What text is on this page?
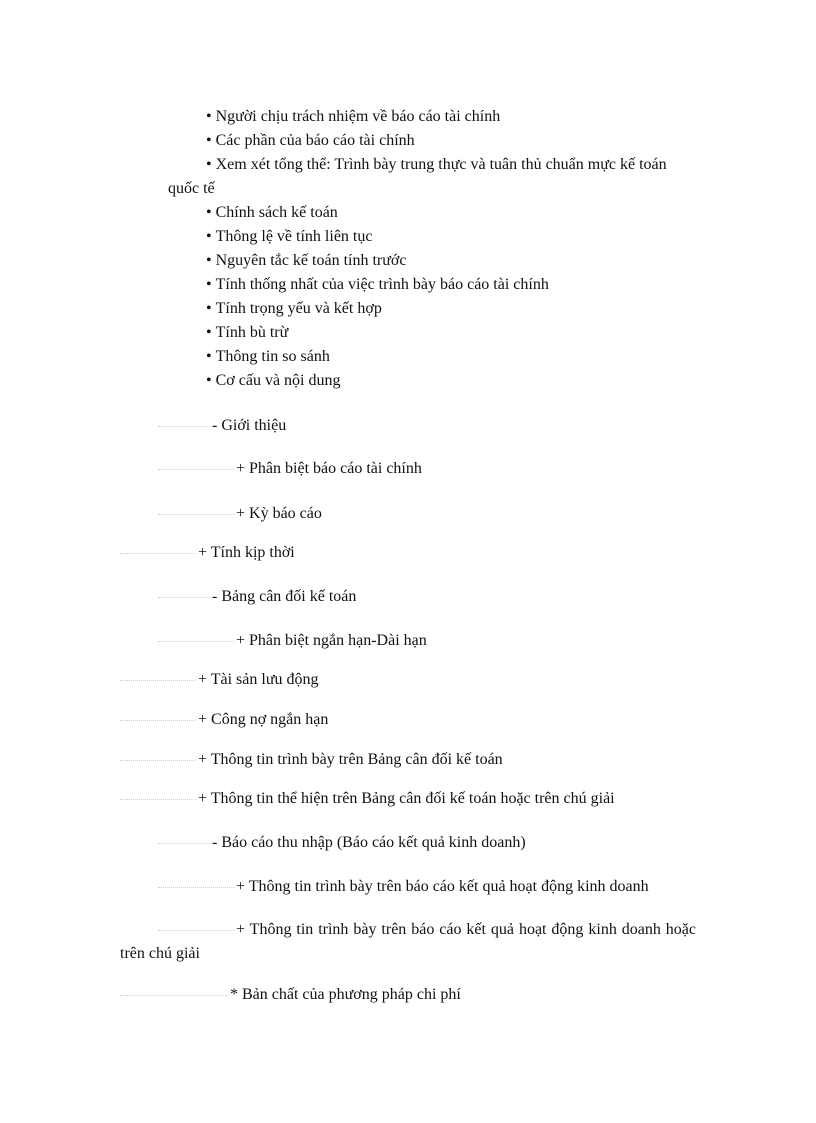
• Người chịu trách nhiệm về báo cáo tài chính
• Các phần của báo cáo tài chính
• Xem xét tổng thể: Trình bày trung thực và tuân thủ chuẩn mực kế toán
quốc tế
• Chính sách kế toán
• Thông lệ về tính liên tục
• Nguyên tắc kế toán tính trước
• Tính thống nhất của việc trình bày báo cáo tài chính
• Tính trọng yếu và kết hợp
• Tính bù trừ
• Thông tin so sánh
• Cơ cấu và nội dung
- Giới thiệu
+ Phân biệt báo cáo tài chính
+ Kỳ báo cáo
+ Tính kịp thời
- Bảng cân đối kế toán
+ Phân biệt ngắn hạn-Dài hạn
+ Tài sản lưu động
+ Công nợ ngắn hạn
+ Thông tin trình bày trên Bảng cân đối kế toán
+ Thông tin thể hiện trên Bảng cân đối kế toán hoặc trên chú giải
- Báo cáo thu nhập (Báo cáo kết quả kinh doanh)
+ Thông tin trình bày trên báo cáo kết quả hoạt động kinh doanh
+ Thông tin trình bày trên báo cáo kết quả hoạt động kinh doanh hoặc trên chú giải
* Bản chất của phương pháp chi phí
